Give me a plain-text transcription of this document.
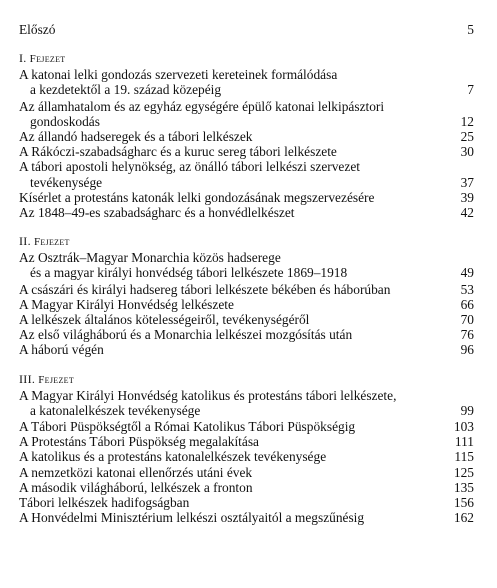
Előszó	5
I. Fejezet
A katonai lelki gondozás szervezeti kereteinek formálódása
a kezdetektől a 19. század közepéig	7
Az államhatalom és az egyház egységére épülő katonai lelkipásztori
gondoskodás	12
Az állandó hadseregek és a tábori lelkészek	25
A Rákóczi-szabadságharc és a kuruc sereg tábori lelkészete	30
A tábori apostoli helynökség, az önálló tábori lelkészi szervezet
tevékenysége	37
Kísérlet a protestáns katonák lelki gondozásának megszervezésére	39
Az 1848–49-es szabadságharc és a honvédlelkészet	42
II. Fejezet
Az Osztrák–Magyar Monarchia közös hadserege
és a magyar királyi honvédség tábori lelkészete 1869–1918	49
A császári és királyi hadsereg tábori lelkészete békében és háborúban	53
A Magyar Királyi Honvédség lelkészete	66
A lelkészek általános kötelességeiről, tevékenységéről	70
Az első világháború és a Monarchia lelkészei mozgósítás után	76
A háború végén	96
III. Fejezet
A Magyar Királyi Honvédség katolikus és protestáns tábori lelkészete,
a katonalelkészek tevékenysége	99
A Tábori Püspökségtől a Római Katolikus Tábori Püspökségig	103
A Protestáns Tábori Püspökség megalakítása	111
A katolikus és a protestáns katonalelkészek tevékenysége	115
A nemzetközi katonai ellenőrzés utáni évek	125
A második világháború, lelkészek a fronton	135
Tábori lelkészek hadifogságban	156
A Honvédelmi Minisztérium lelkészi osztályaitól a megszűnésig	162
